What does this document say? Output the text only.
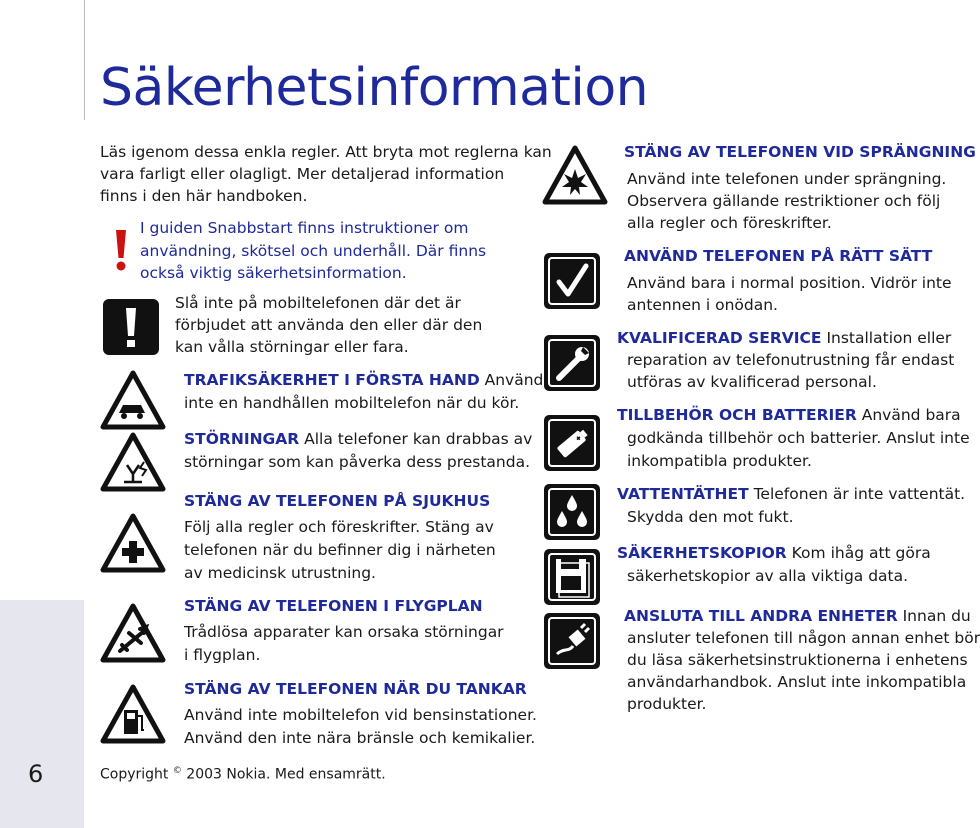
Säkerhetsinformation
Läs igenom dessa enkla regler. Att bryta mot reglerna kan
vara farligt eller olagligt. Mer detaljerad information
finns i den här handboken.
I guiden Snabbstart finns instruktioner om
användning, skötsel och underhåll. Där finns
också viktig säkerhetsinformation.
Slå inte på mobiltelefonen där det är
förbjudet att använda den eller där den
kan vålla störningar eller fara.
TRAFIKSÄKERHET I FÖRSTA HAND Använd
inte en handhållen mobiltelefon när du kör.
STÖRNINGAR Alla telefoner kan drabbas av
störningar som kan påverka dess prestanda.
STÄNG AV TELEFONEN PÅ SJUKHUS
Följ alla regler och föreskrifter. Stäng av
telefonen när du befinner dig i närheten
av medicinsk utrustning.
STÄNG AV TELEFONEN I FLYGPLAN
Trådlösa apparater kan orsaka störningar
i flygplan.
STÄNG AV TELEFONEN NÄR DU TANKAR
Använd inte mobiltelefon vid bensinstationer.
Använd den inte nära bränsle och kemikalier.
STÄNG AV TELEFONEN VID SPRÄNGNING
Använd inte telefonen under sprängning.
Observera gällande restriktioner och följ
alla regler och föreskrifter.
ANVÄND TELEFONEN PÅ RÄTT SÄTT
Använd bara i normal position. Vidrör inte
antennen i onödan.
KVALIFICERAD SERVICE Installation eller
reparation av telefonutrustning får endast
utföras av kvalificerad personal.
TILLBEHÖR OCH BATTERIER Använd bara
godkända tillbehör och batterier. Anslut inte
inkompatibla produkter.
VATTENTÄTHET Telefonen är inte vattentät.
Skydda den mot fukt.
SÄKERHETSKOPIOR Kom ihåg att göra
säkerhetskopior av alla viktiga data.
ANSLUTA TILL ANDRA ENHETER Innan du
ansluter telefonen till någon annan enhet bör
du läsa säkerhetsinstruktionerna i enhetens
användarhandbok. Anslut inte inkompatibla
produkter.
6	Copyright © 2003 Nokia. Med ensamrätt.
